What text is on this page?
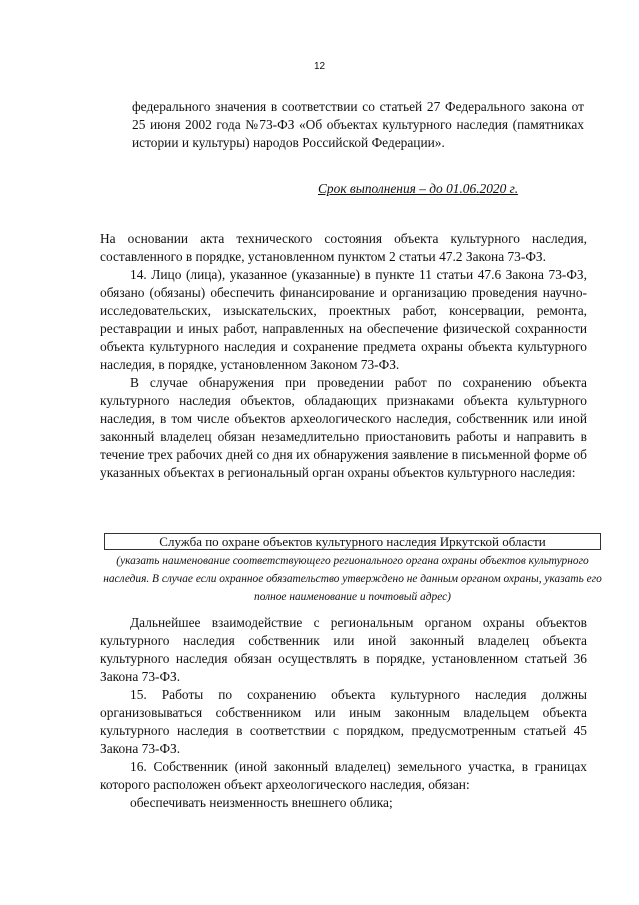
12

федерального значения в соответствии со статьей 27 Федерального закона от 25 июня 2002 года №73-ФЗ «Об объектах культурного наследия (памятниках истории и культуры) народов Российской Федерации».

Срок выполнения – до 01.06.2020 г.

На основании акта технического состояния объекта культурного наследия, составленного в порядке, установленном пунктом 2 статьи 47.2 Закона 73-ФЗ.

14. Лицо (лица), указанное (указанные) в пункте 11 статьи 47.6 Закона 73-ФЗ, обязано (обязаны) обеспечить финансирование и организацию проведения научно-исследовательских, изыскательских, проектных работ, консервации, ремонта, реставрации и иных работ, направленных на обеспечение физической сохранности объекта культурного наследия и сохранение предмета охраны объекта культурного наследия, в порядке, установленном Законом 73-ФЗ.

В случае обнаружения при проведении работ по сохранению объекта культурного наследия объектов, обладающих признаками объекта культурного наследия, в том числе объектов археологического наследия, собственник или иной законный владелец обязан незамедлительно приостановить работы и направить в течение трех рабочих дней со дня их обнаружения заявление в письменной форме об указанных объектах в региональный орган охраны объектов культурного наследия:

Служба по охране объектов культурного наследия Иркутской области
(указать наименование соответствующего регионального органа охраны объектов культурного наследия. В случае если охранное обязательство утверждено не данным органом охраны, указать его полное наименование и почтовый адрес)

Дальнейшее взаимодействие с региональным органом охраны объектов культурного наследия собственник или иной законный владелец объекта культурного наследия обязан осуществлять в порядке, установленном статьей 36 Закона 73-ФЗ.

15. Работы по сохранению объекта культурного наследия должны организовываться собственником или иным законным владельцем объекта культурного наследия в соответствии с порядком, предусмотренным статьей 45 Закона 73-ФЗ.

16. Собственник (иной законный владелец) земельного участка, в границах которого расположен объект археологического наследия, обязан:

обеспечивать неизменность внешнего облика;
